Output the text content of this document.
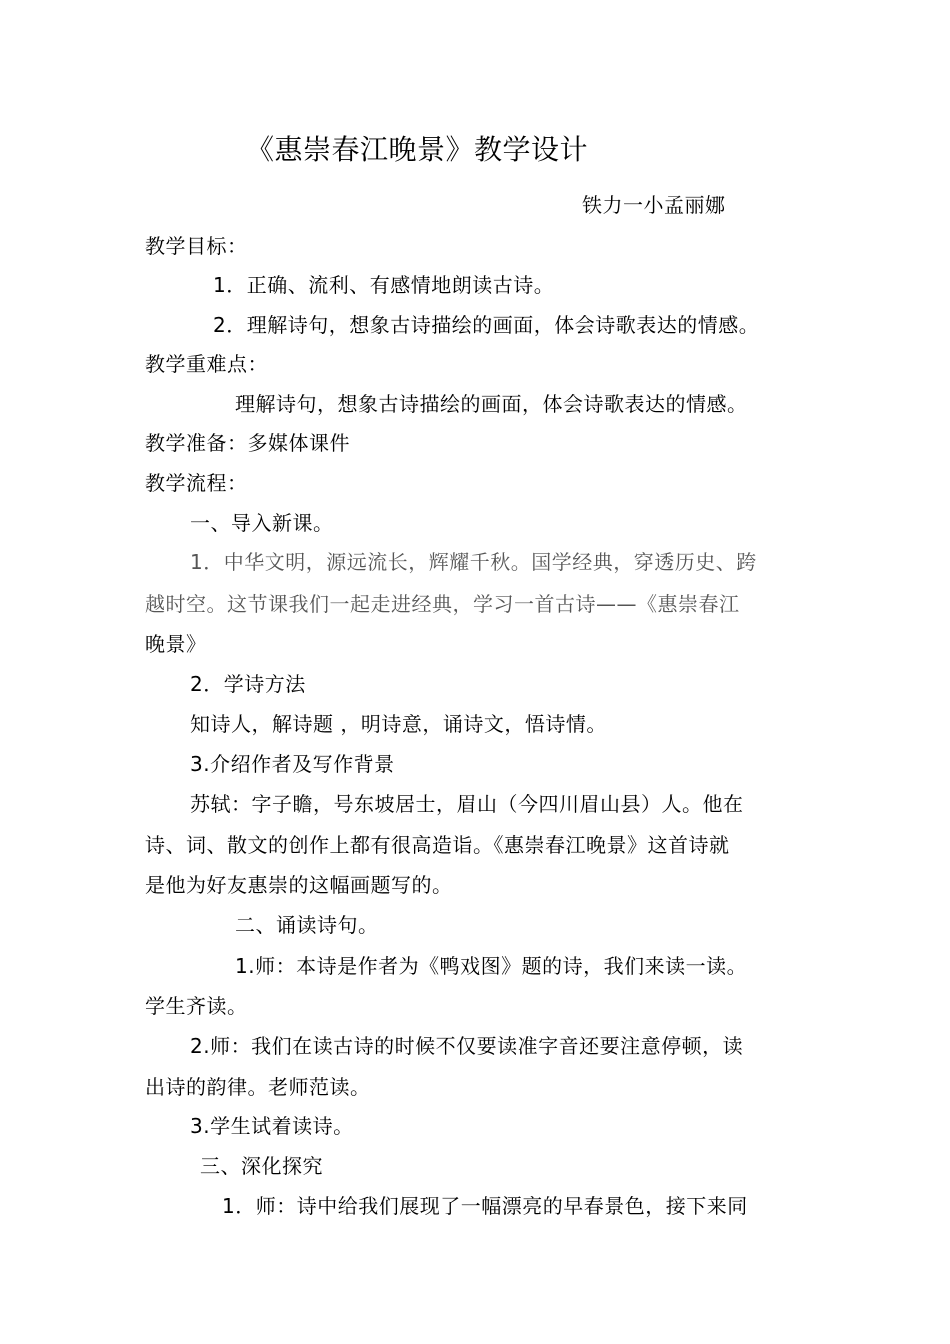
《惠崇春江晚景》教学设计
铁力一小孟丽娜
教学目标：
1．正确、流利、有感情地朗读古诗。
2．理解诗句，想象古诗描绘的画面，体会诗歌表达的情感。
教学重难点：
理解诗句，想象古诗描绘的画面，体会诗歌表达的情感。
教学准备：多媒体课件
教学流程：
一、导入新课。
1．中华文明，源远流长，辉耀千秋。国学经典，穿透历史、跨
越时空。这节课我们一起走进经典，学习一首古诗——《惠崇春江
晚景》
2．学诗方法
知诗人，解诗题 ，明诗意，诵诗文，悟诗情。
3.介绍作者及写作背景
苏轼：字子瞻，号东坡居士，眉山（今四川眉山县）人。他在
诗、词、散文的创作上都有很高造诣。《惠崇春江晚景》这首诗就
是他为好友惠崇的这幅画题写的。
二、诵读诗句。
1.师：本诗是作者为《鸭戏图》题的诗，我们来读一读。
学生齐读。
2.师：我们在读古诗的时候不仅要读准字音还要注意停顿，读
出诗的韵律。老师范读。
3.学生试着读诗。
三、深化探究
1．师：诗中给我们展现了一幅漂亮的早春景色，接下来同
